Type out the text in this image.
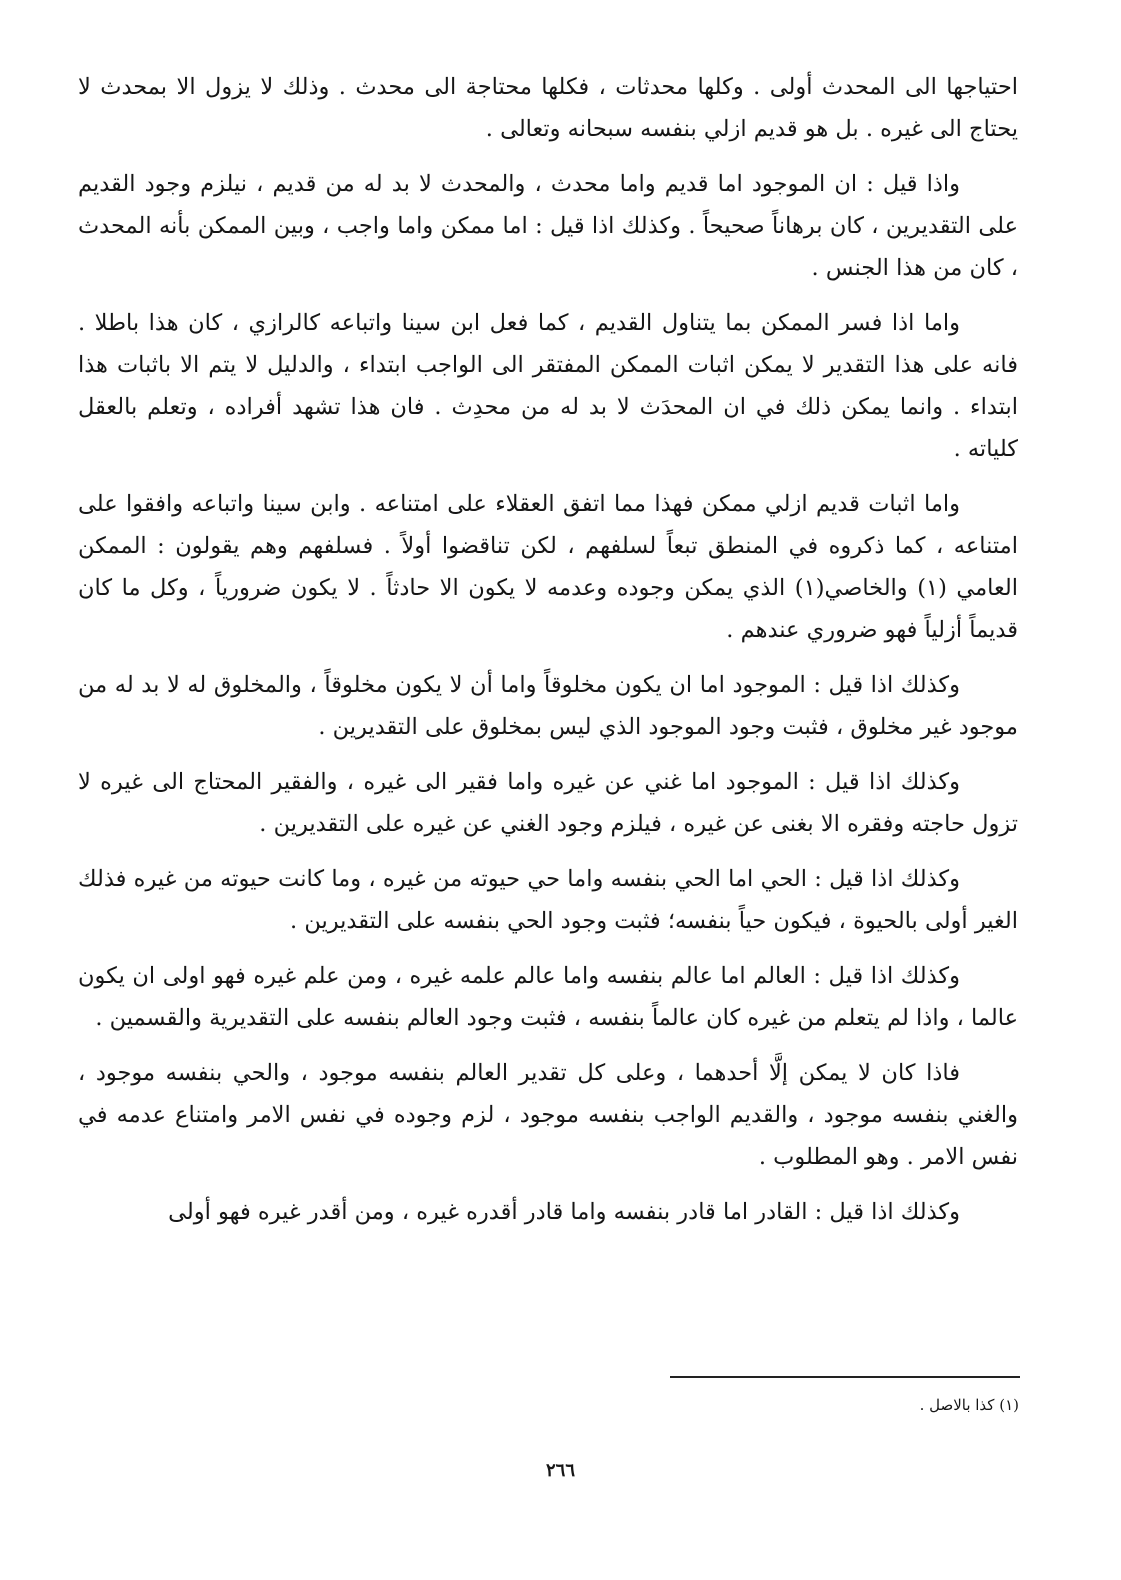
احتياجها الى المحدث أولى . وكلها محدثات ، فكلها محتاجة الى محدث . وذلك لا يزول الا بمحدث لا يحتاج الى غيره . بل هو قديم ازلي بنفسه سبحانه وتعالى .

واذا قيل : ان الموجود اما قديم واما محدث ، والمحدث لا بد له من قديم ، نيلزم وجود القديم على التقديرين ، كان برهاناً صحيحاً . وكذلك اذا قيل : اما ممكن واما واجب ، وبين الممكن بأنه المحدث ، كان من هذا الجنس .

واما اذا فسر الممكن بما يتناول القديم ، كما فعل ابن سينا واتباعه كالرازي ، كان هذا باطلا . فانه على هذا التقدير لا يمكن اثبات الممكن المفتقر الى الواجب ابتداء ، والدليل لا يتم الا باثبات هذا ابتداء . وانما يمكن ذلك في ان المحدَث لا بد له من محدِث . فان هذا تشهد أفراده ، وتعلم بالعقل كلياته .

واما اثبات قديم ازلي ممكن فهذا مما اتفق العقلاء على امتناعه . وابن سينا واتباعه وافقوا على امتناعه ، كما ذكروه في المنطق تبعاً لسلفهم ، لكن تناقضوا أولاً . فسلفهم وهم يقولون : الممكن العامي (١) والخاصي(١) الذي يمكن وجوده وعدمه لا يكون الا حادثاً . لا يكون ضرورياً ، وكل ما كان قديماً أزلياً فهو ضروري عندهم .

وكذلك اذا قيل : الموجود اما ان يكون مخلوقاً واما أن لا يكون مخلوقاً ، والمخلوق له لا بد له من موجود غير مخلوق ، فثبت وجود الموجود الذي ليس بمخلوق على التقديرين .

وكذلك اذا قيل : الموجود اما غني عن غيره واما فقير الى غيره ، والفقير المحتاج الى غيره لا تزول حاجته وفقره الا بغنى عن غيره ، فيلزم وجود الغني عن غيره على التقديرين .

وكذلك اذا قيل : الحي اما الحي بنفسه واما حي حيوته من غيره ، وما كانت حيوته من غيره فذلك الغير أولى بالحيوة ، فيكون حياً بنفسه؛ فثبت وجود الحي بنفسه على التقديرين .

وكذلك اذا قيل : العالم اما عالم بنفسه واما عالم علمه غيره ، ومن علم غيره فهو اولى ان يكون عالما ، واذا لم يتعلم من غيره كان عالماً بنفسه ، فثبت وجود العالم بنفسه على التقديرية والقسمين .

فاذا كان لا يمكن إلَّا أحدهما ، وعلى كل تقدير العالم بنفسه موجود ، والحي بنفسه موجود ، والغني بنفسه موجود ، والقديم الواجب بنفسه موجود ، لزم وجوده في نفس الامر وامتناع عدمه في نفس الامر . وهو المطلوب .

وكذلك اذا قيل : القادر اما قادر بنفسه واما قادر أقدره غيره ، ومن أقدر غيره فهو أولى

(١) كذا بالاصل .
٢٦٦
